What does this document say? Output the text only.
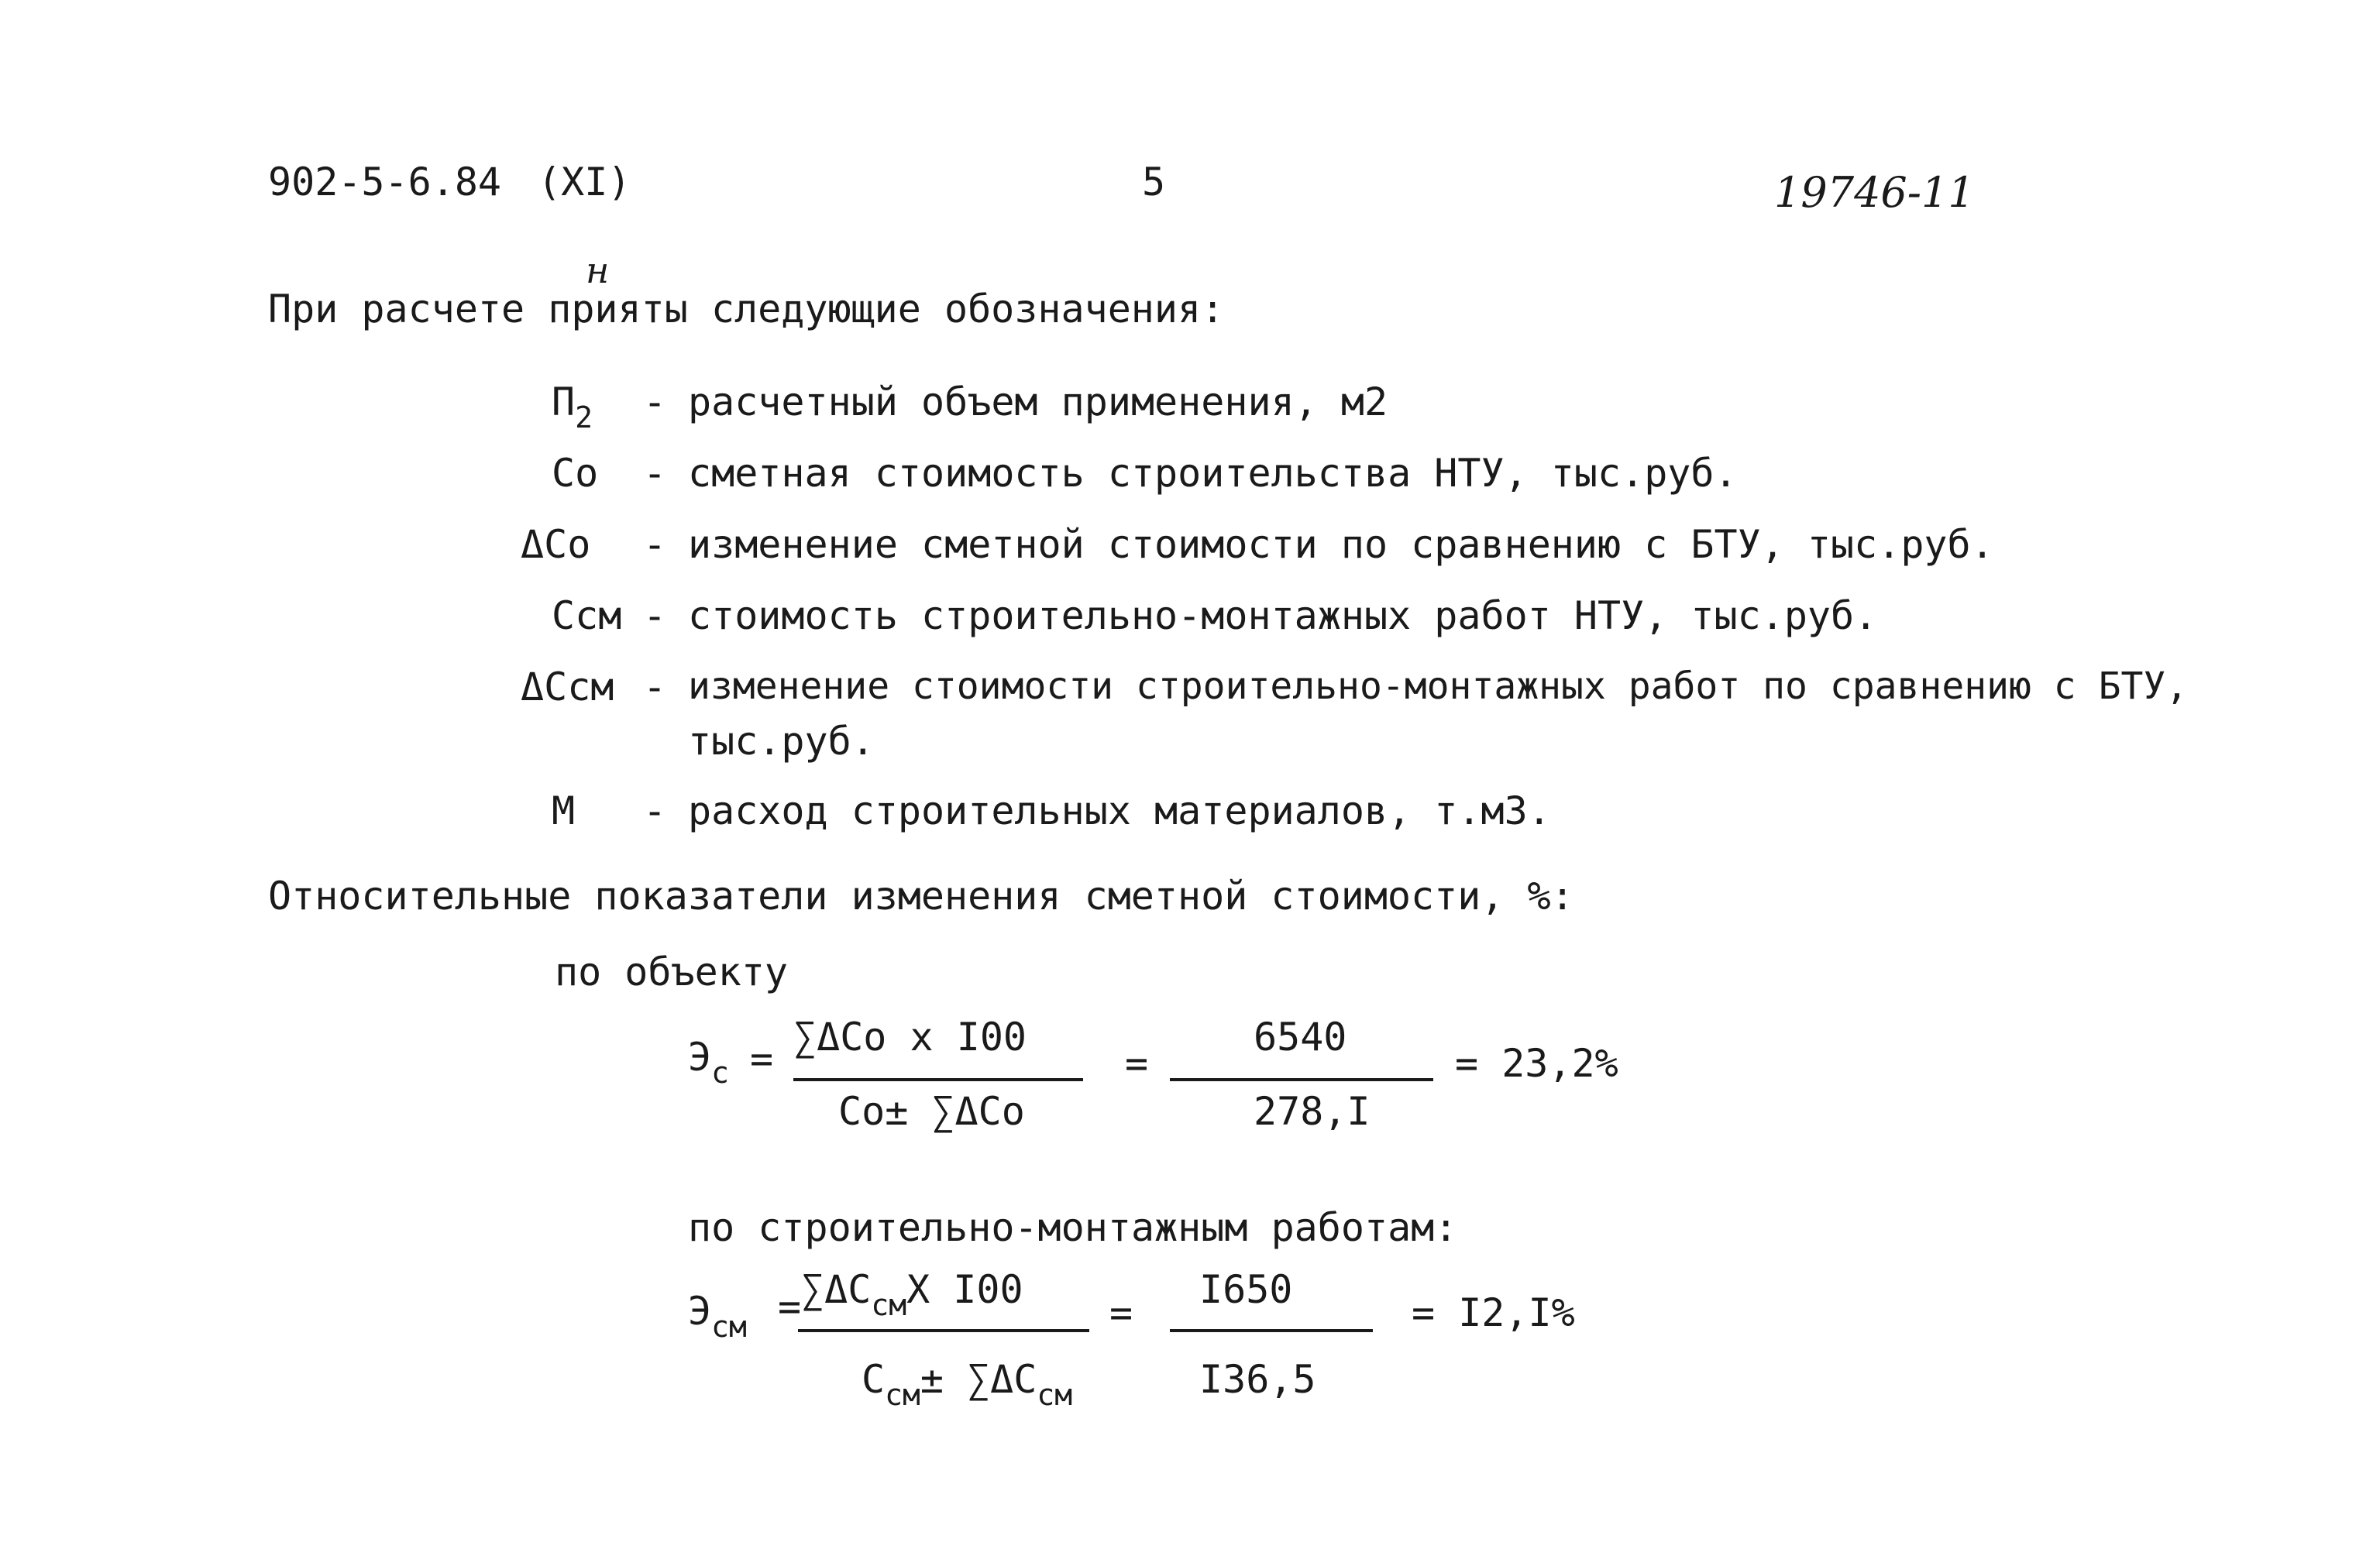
902-5-6.84 (XI)	5	19746-11
н
При расчете прияты следующие обозначения:
$П_2$ - расчетный объем применения, м2
Со - сметная стоимость строительства НТУ, тыс.руб.
ΔСо - изменение сметной стоимости по сравнению с БТУ, тыс.руб.
Ссм - стоимость строительно-монтажных работ НТУ, тыс.руб.
ΔСсм - изменение стоимости строительно-монтажных работ по сравнению с БТУ,
тыс.руб.
М - расход строительных материалов, т.м3.
Относительные показатели изменения сметной стоимости, %:
по объекту
$Э_с = \sum\Delta Со$ х I00
Со± ∑ΔСо
=
6540
278,I
= 23,2%
по строительно-монтажным работам:
$Э_{см} = \sum\Delta С_{см}Х$ I00
$С_{см}\pm \sum\Delta С_{см}$
=
I650
I36,5
= I2,I%
